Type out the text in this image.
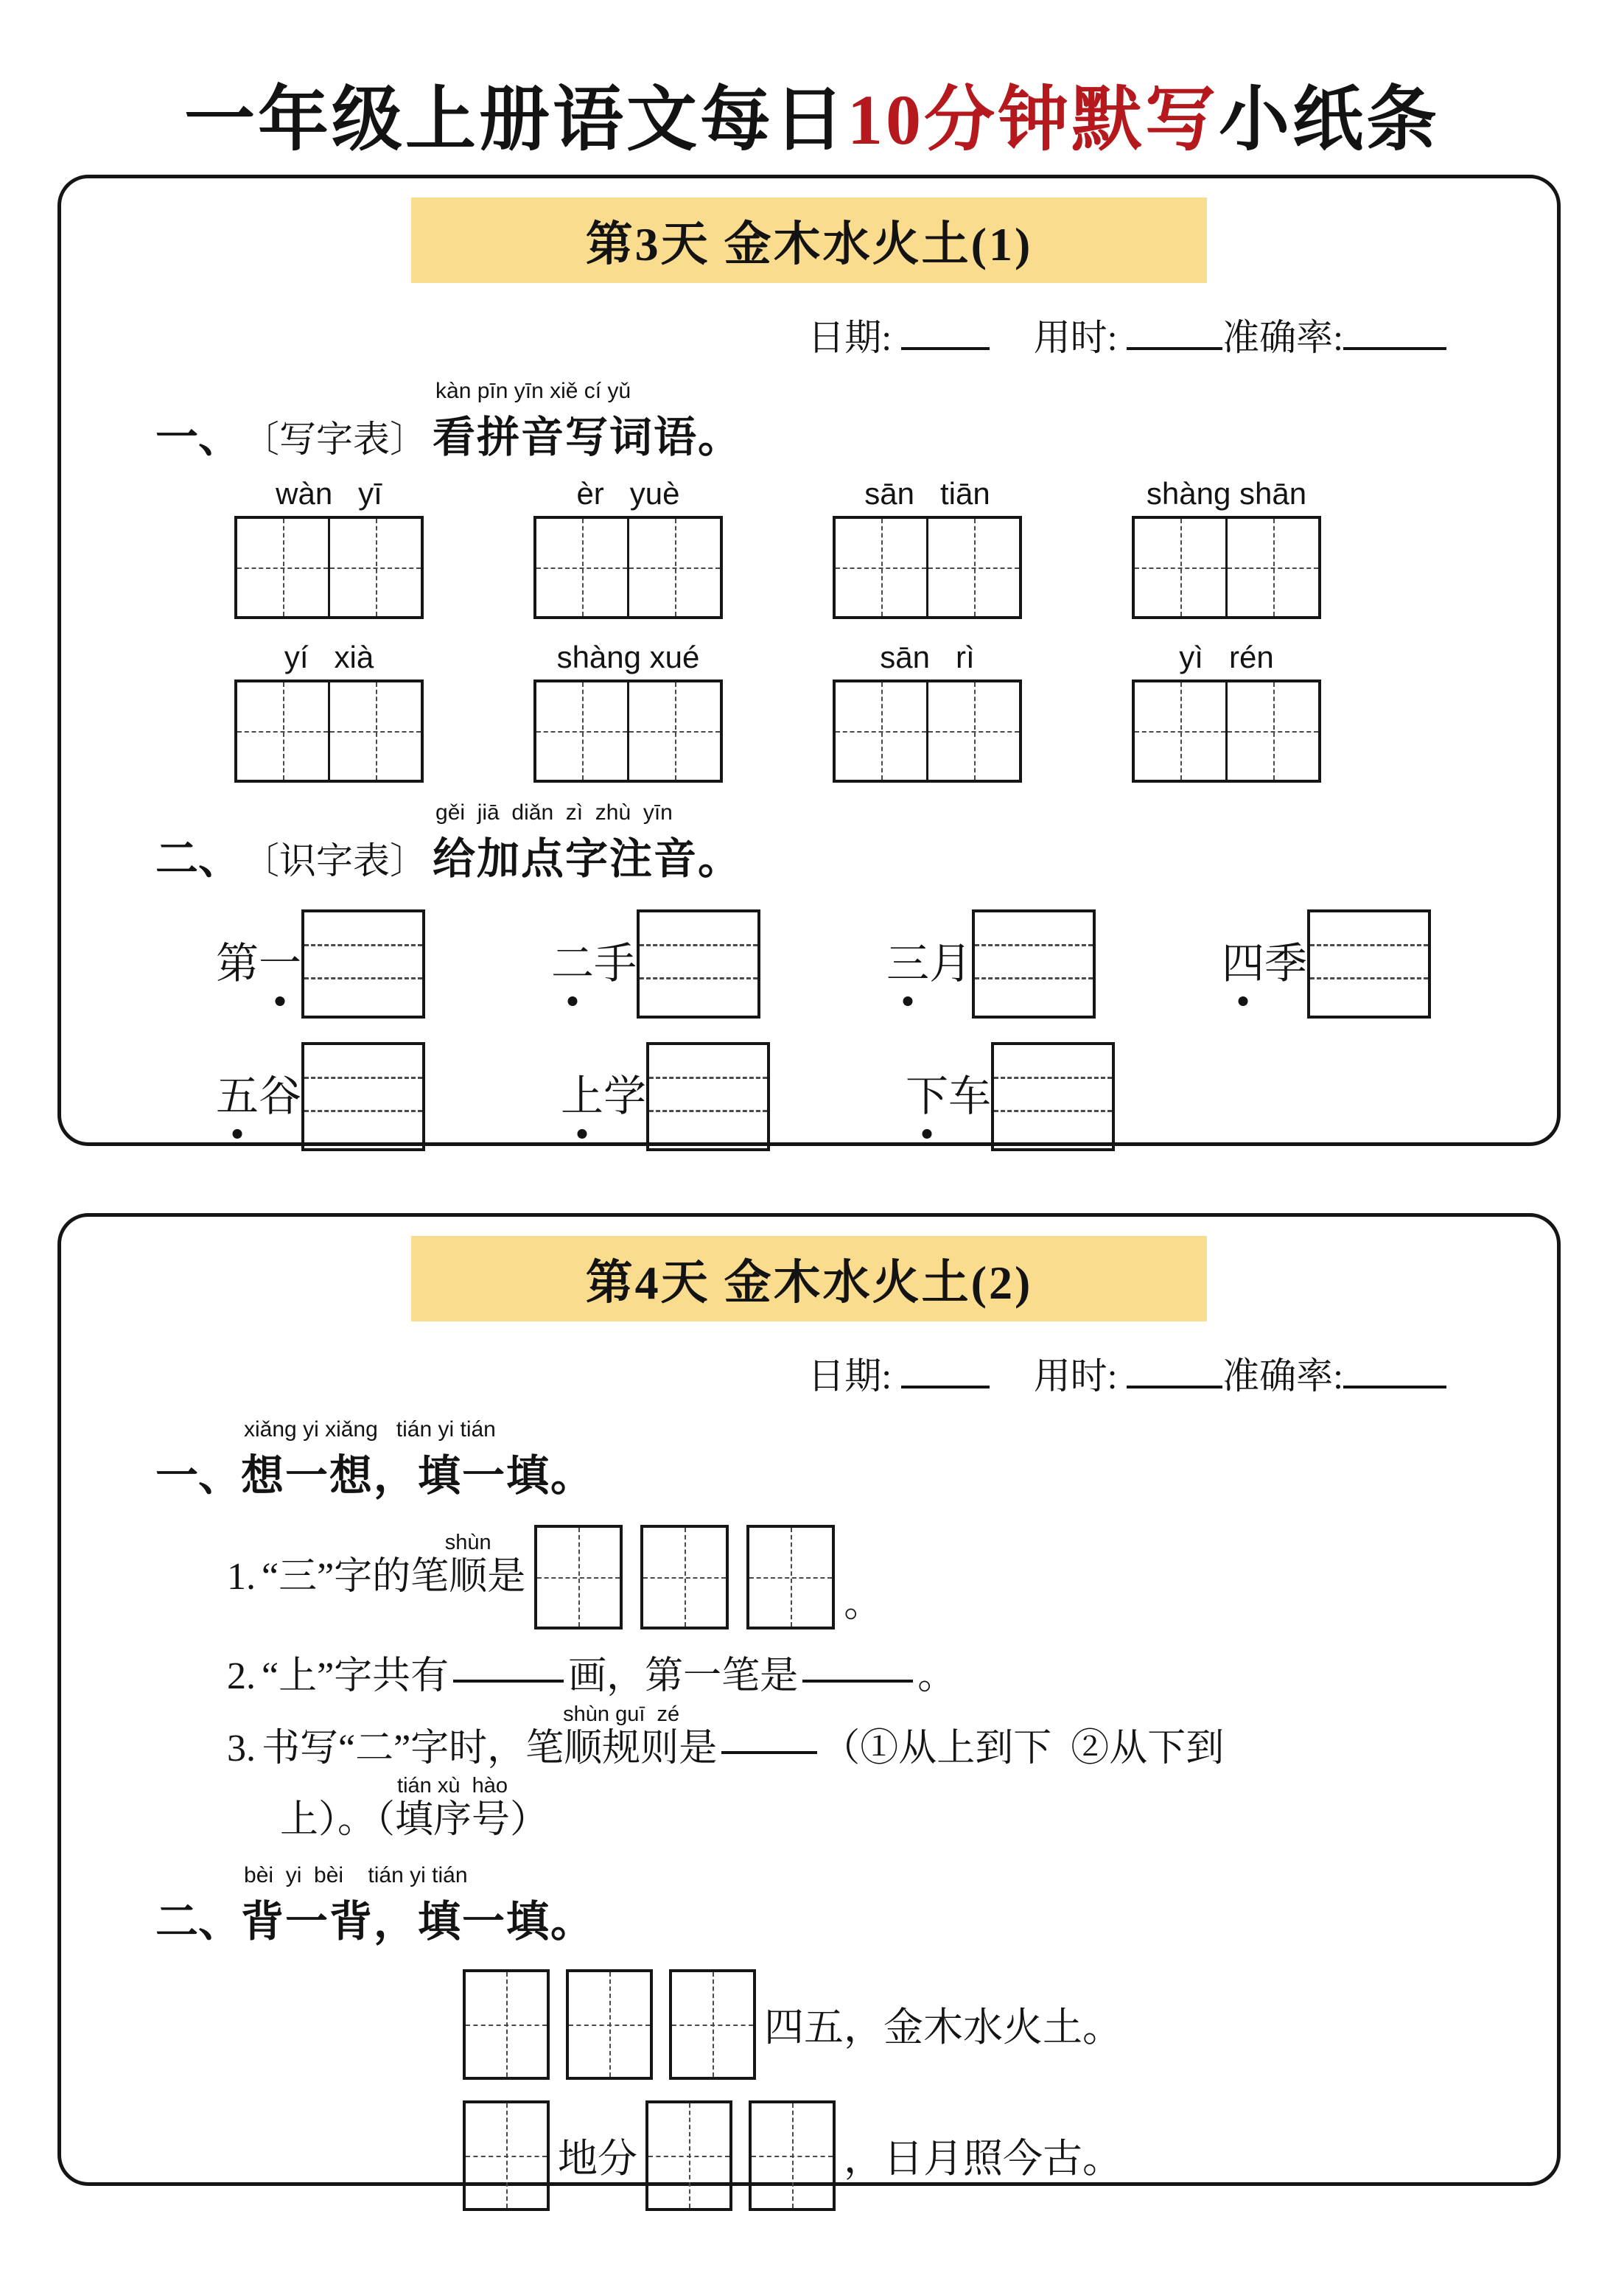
一年级上册语文每日10分钟默写小纸条
第3天 金木水火土(1)
日期:	用时:	准确率:
一、 〔写字表〕
kàn pīn yīn xiě cí yǔ
看拼音写词语。
wàn   yī	èr   yuè	sān   tiān	shàng shān
yí   xià	shàng xué	sān   rì	yì   rén
二、 〔识字表〕
gěi  jiā  diǎn  zì  zhù  yīn
给加点字注音。
第一	二手	三月	四季
五谷	上学	下车
第4天 金木水火土(2)
日期:	用时:	准确率:
一、
xiǎng yi xiǎng   tián yi tián
想一想，填一填。
1. “三”字的笔
shùn
顺 是
。
2. “上”字共有	画，第一笔是	。
3. 书写“二”字时，笔
shùn guī  zé
顺规则 是	（①从上到下  ②从下到
上）。（
tián xù  hào
填序号 ）
二、
bèi  yi  bèi    tián yi tián
背一背，填一填。
四五，金木水火土。
地分	，日月照今古。
